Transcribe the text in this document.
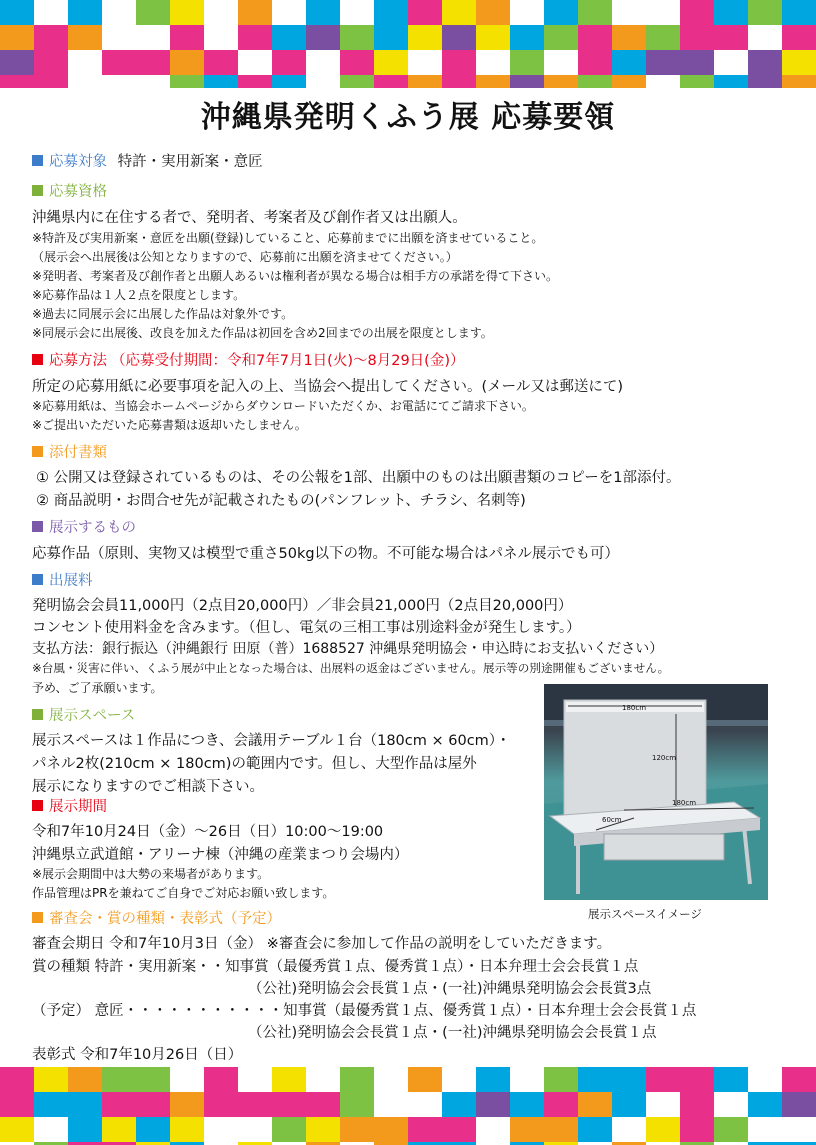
沖縄県発明くふう展 応募要領
応募対象 特許・実用新案・意匠
応募資格
沖縄県内に在住する者で、発明者、考案者及び創作者又は出願人。
※特許及び実用新案・意匠を出願(登録)していること、応募前までに出願を済ませていること。
（展示会へ出展後は公知となりますので、応募前に出願を済ませてください。）
※発明者、考案者及び創作者と出願人あるいは権利者が異なる場合は相手方の承諾を得て下さい。
※応募作品は１人２点を限度とします。
※過去に同展示会に出展した作品は対象外です。
※同展示会に出展後、改良を加えた作品は初回を含め2回までの出展を限度とします。
応募方法 （応募受付期間：令和7年7月1日(火)〜8月29日(金)）
所定の応募用紙に必要事項を記入の上、当協会へ提出してください。(メール又は郵送にて)
※応募用紙は、当協会ホームページからダウンロードいただくか、お電話にてご請求下さい。
※ご提出いただいた応募書類は返却いたしません。
添付書類
① 公開又は登録されているものは、その公報を1部、出願中のものは出願書類のコピーを1部添付。
② 商品説明・お問合せ先が記載されたもの(パンフレット、チラシ、名刺等)
展示するもの
応募作品（原則、実物又は模型で重さ50kg以下の物。不可能な場合はパネル展示でも可）
出展料
発明協会会員11,000円（2点目20,000円）／非会員21,000円（2点目20,000円）
コンセント使用料金を含みます。（但し、電気の三相工事は別途料金が発生します。）
支払方法：銀行振込（沖縄銀行 田原（普）1688527 沖縄県発明協会・申込時にお支払いください）
※台風・災害に伴い、くふう展が中止となった場合は、出展料の返金はございません。展示等の別途開催もございません。
予め、ご了承願います。
展示スペース
展示スペースは１作品につき、会議用テーブル１台（180cm × 60cm）・
パネル2枚(210cm × 180cm)の範囲内です。但し、大型作品は屋外
展示になりますのでご相談下さい。
展示期間
令和7年10月24日（金）〜26日（日）10:00〜19:00
沖縄県立武道館・アリーナ棟（沖縄の産業まつり会場内）
※展示会期間中は大勢の来場者があります。
作品管理はPRを兼ねてご自身でご対応お願い致します。
180cm
120cm
180cm
60cm
展示スペースイメージ
審査会・賞の種類・表彰式（予定）
審査会期日 令和7年10月3日（金） ※審査会に参加して作品の説明をしていただきます。
賞の種類 特許・実用新案・・知事賞（最優秀賞１点、優秀賞１点）・日本弁理士会会長賞１点
（公社)発明協会会長賞１点・(一社)沖縄県発明協会会長賞3点
（予定） 意匠・・・・・・・・・・・知事賞（最優秀賞１点、優秀賞１点）・日本弁理士会会長賞１点
（公社)発明協会会長賞１点・(一社)沖縄県発明協会会長賞１点
表彰式 令和7年10月26日（日）
